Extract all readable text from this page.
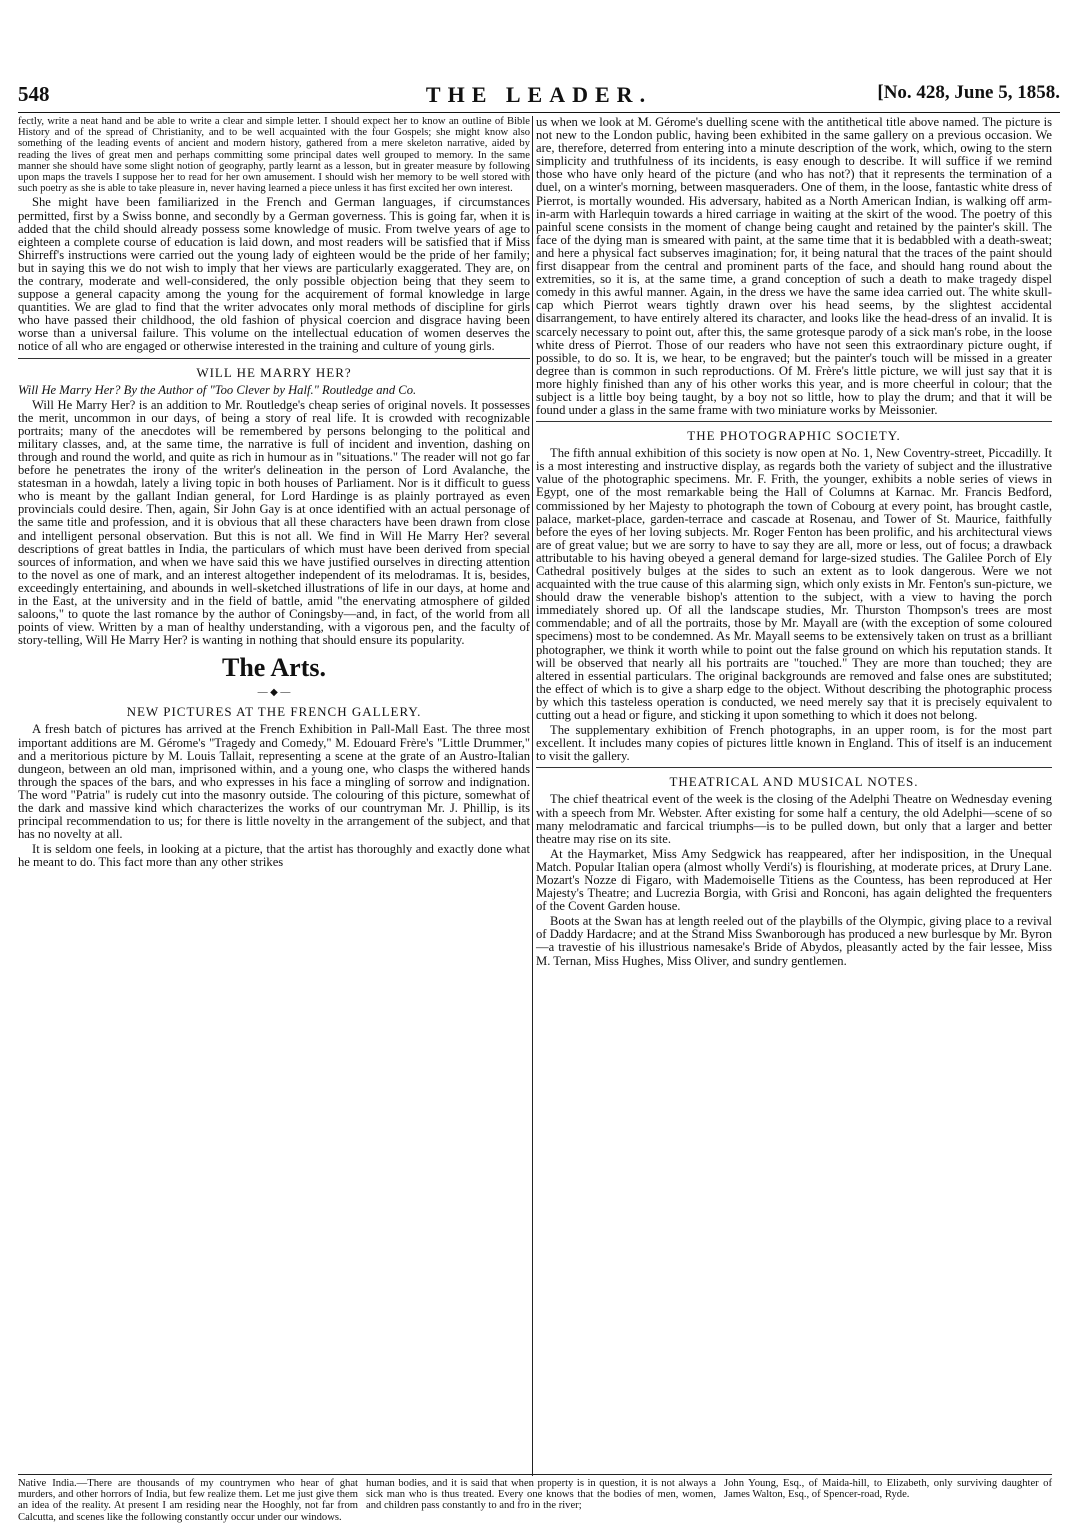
548	THE LEADER.	[No. 428, June 5, 1858.

fectly, write a neat hand and be able to write a clear and simple letter. I should expect her to know an outline of Bible History and of the spread of Christianity, and to be well acquainted with the four Gospels; she might know also something of the leading events of ancient and modern history, gathered from a mere skeleton narrative, aided by reading the lives of great men and perhaps committing some principal dates well grouped to memory. In the same manner she should have some slight notion of geography, partly learnt as a lesson, but in greater measure by following upon maps the travels I suppose her to read for her own amusement. I should wish her memory to be well stored with such poetry as she is able to take pleasure in, never having learned a piece unless it has first excited her own interest.

She might have been familiarized in the French and German languages, if circumstances permitted, first by a Swiss bonne, and secondly by a German governess. This is going far, when it is added that the child should already possess some knowledge of music. From twelve years of age to eighteen a complete course of education is laid down, and most readers will be satisfied that if Miss Shirreff's instructions were carried out the young lady of eighteen would be the pride of her family; but in saying this we do not wish to imply that her views are particularly exaggerated. They are, on the contrary, moderate and well-considered, the only possible objection being that they seem to suppose a general capacity among the young for the acquirement of formal knowledge in large quantities. We are glad to find that the writer advocates only moral methods of discipline for girls who have passed their childhood, the old fashion of physical coercion and disgrace having been worse than a universal failure. This volume on the intellectual education of women deserves the notice of all who are engaged or otherwise interested in the training and culture of young girls.

WILL HE MARRY HER?

Will He Marry Her? By the Author of "Too Clever by Half." Routledge and Co.

Will He Marry Her? is an addition to Mr. Routledge's cheap series of original novels. It possesses the merit, uncommon in our days, of being a story of real life. It is crowded with recognizable portraits; many of the anecdotes will be remembered by persons belonging to the political and military classes, and, at the same time, the narrative is full of incident and invention, dashing on through and round the world, and quite as rich in humour as in "situations." The reader will not go far before he penetrates the irony of the writer's delineation in the person of Lord Avalanche, the statesman in a howdah, lately a living topic in both houses of Parliament. Nor is it difficult to guess who is meant by the gallant Indian general, for Lord Hardinge is as plainly portrayed as even provincials could desire. Then, again, Sir John Gay is at once identified with an actual personage of the same title and profession, and it is obvious that all these characters have been drawn from close and intelligent personal observation. But this is not all. We find in Will He Marry Her? several descriptions of great battles in India, the particulars of which must have been derived from special sources of information, and when we have said this we have justified ourselves in directing attention to the novel as one of mark, and an interest altogether independent of its melodramas. It is, besides, exceedingly entertaining, and abounds in well-sketched illustrations of life in our days, at home and in the East, at the university and in the field of battle, amid "the enervating atmosphere of gilded saloons," to quote the last romance by the author of Coningsby—and, in fact, of the world from all points of view. Written by a man of healthy understanding, with a vigorous pen, and the faculty of story-telling, Will He Marry Her? is wanting in nothing that should ensure its popularity.

The Arts.
— ◆ —
NEW PICTURES AT THE FRENCH GALLERY.

A fresh batch of pictures has arrived at the French Exhibition in Pall-Mall East. The three most important additions are M. Gérome's "Tragedy and Comedy," M. Edouard Frère's "Little Drummer," and a meritorious picture by M. Louis Tallait, representing a scene at the grate of an Austro-Italian dungeon, between an old man, imprisoned within, and a young one, who clasps the withered hands through the spaces of the bars, and who expresses in his face a mingling of sorrow and indignation. The word "Patria" is rudely cut into the masonry outside. The colouring of this picture, somewhat of the dark and massive kind which characterizes the works of our countryman Mr. J. Phillip, is its principal recommendation to us; for there is little novelty in the arrangement of the subject, and that has no novelty at all.

It is seldom one feels, in looking at a picture, that the artist has thoroughly and exactly done what he meant to do. This fact more than any other strikes

us when we look at M. Gérome's duelling scene with the antithetical title above named. The picture is not new to the London public, having been exhibited in the same gallery on a previous occasion. We are, therefore, deterred from entering into a minute description of the work, which, owing to the stern simplicity and truthfulness of its incidents, is easy enough to describe. It will suffice if we remind those who have only heard of the picture (and who has not?) that it represents the termination of a duel, on a winter's morning, between masqueraders. One of them, in the loose, fantastic white dress of Pierrot, is mortally wounded. His adversary, habited as a North American Indian, is walking off arm-in-arm with Harlequin towards a hired carriage in waiting at the skirt of the wood. The poetry of this painful scene consists in the moment of change being caught and retained by the painter's skill. The face of the dying man is smeared with paint, at the same time that it is bedabbled with a death-sweat; and here a physical fact subserves imagination; for, it being natural that the traces of the paint should first disappear from the central and prominent parts of the face, and should hang round about the extremities, so it is, at the same time, a grand conception of such a death to make tragedy dispel comedy in this awful manner. Again, in the dress we have the same idea carried out. The white skull-cap which Pierrot wears tightly drawn over his head seems, by the slightest accidental disarrangement, to have entirely altered its character, and looks like the head-dress of an invalid. It is scarcely necessary to point out, after this, the same grotesque parody of a sick man's robe, in the loose white dress of Pierrot. Those of our readers who have not seen this extraordinary picture ought, if possible, to do so. It is, we hear, to be engraved; but the painter's touch will be missed in a greater degree than is common in such reproductions. Of M. Frère's little picture, we will just say that it is more highly finished than any of his other works this year, and is more cheerful in colour; that the subject is a little boy being taught, by a boy not so little, how to play the drum; and that it will be found under a glass in the same frame with two miniature works by Meissonier.

THE PHOTOGRAPHIC SOCIETY.

The fifth annual exhibition of this society is now open at No. 1, New Coventry-street, Piccadilly. It is a most interesting and instructive display, as regards both the variety of subject and the illustrative value of the photographic specimens. Mr. F. Frith, the younger, exhibits a noble series of views in Egypt, one of the most remarkable being the Hall of Columns at Karnac. Mr. Francis Bedford, commissioned by her Majesty to photograph the town of Cobourg at every point, has brought castle, palace, market-place, garden-terrace and cascade at Rosenau, and Tower of St. Maurice, faithfully before the eyes of her loving subjects. Mr. Roger Fenton has been prolific, and his architectural views are of great value; but we are sorry to have to say they are all, more or less, out of focus; a drawback attributable to his having obeyed a general demand for large-sized studies. The Galilee Porch of Ely Cathedral positively bulges at the sides to such an extent as to look dangerous. Were we not acquainted with the true cause of this alarming sign, which only exists in Mr. Fenton's sun-picture, we should draw the venerable bishop's attention to the subject, with a view to having the porch immediately shored up. Of all the landscape studies, Mr. Thurston Thompson's trees are most commendable; and of all the portraits, those by Mr. Mayall are (with the exception of some coloured specimens) most to be condemned. As Mr. Mayall seems to be extensively taken on trust as a brilliant photographer, we think it worth while to point out the false ground on which his reputation stands. It will be observed that nearly all his portraits are "touched." They are more than touched; they are altered in essential particulars. The original backgrounds are removed and false ones are substituted; the effect of which is to give a sharp edge to the object. Without describing the photographic process by which this tasteless operation is conducted, we need merely say that it is precisely equivalent to cutting out a head or figure, and sticking it upon something to which it does not belong.

The supplementary exhibition of French photographs, in an upper room, is for the most part excellent. It includes many copies of pictures little known in England. This of itself is an inducement to visit the gallery.

THEATRICAL AND MUSICAL NOTES.

The chief theatrical event of the week is the closing of the Adelphi Theatre on Wednesday evening with a speech from Mr. Webster. After existing for some half a century, the old Adelphi—scene of so many melodramatic and farcical triumphs—is to be pulled down, but only that a larger and better theatre may rise on its site.

At the Haymarket, Miss Amy Sedgwick has reappeared, after her indisposition, in the Unequal Match. Popular Italian opera (almost wholly Verdi's) is flourishing, at moderate prices, at Drury Lane. Mozart's Nozze di Figaro, with Mademoiselle Titiens as the Countess, has been reproduced at Her Majesty's Theatre; and Lucrezia Borgia, with Grisi and Ronconi, has again delighted the frequenters of the Covent Garden house.

Boots at the Swan has at length reeled out of the playbills of the Olympic, giving place to a revival of Daddy Hardacre; and at the Strand Miss Swanborough has produced a new burlesque by Mr. Byron—a travestie of his illustrious namesake's Bride of Abydos, pleasantly acted by the fair lessee, Miss M. Ternan, Miss Hughes, Miss Oliver, and sundry gentlemen.

Native India.—There are thousands of my countrymen who hear of ghat murders, and other horrors of India, but few realize them. Let me just give them an idea of the reality. At present I am residing near the Hooghly, not far from Calcutta, and scenes like the following constantly occur under our windows.
human bodies, and it is said that when property is in question, it is not always a sick man who is thus treated. Every one knows that the bodies of men, women, and children pass constantly to and fro in the river;
John Young, Esq., of Maida-hill, to Elizabeth, only surviving daughter of James Walton, Esq., of Spencer-road, Ryde.
